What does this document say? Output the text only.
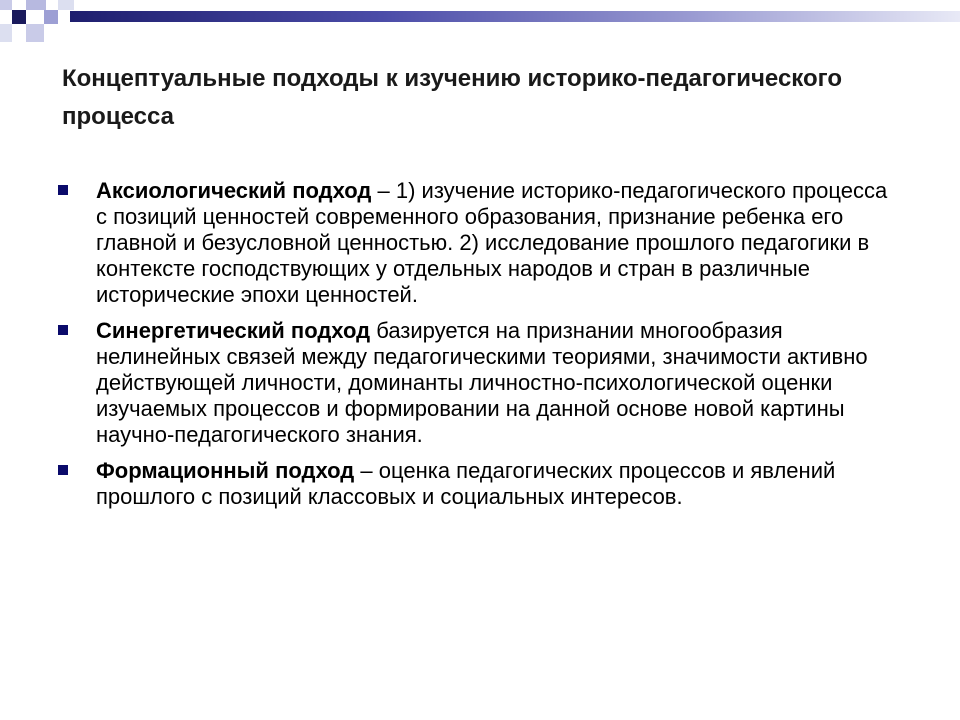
Концептуальные подходы к изучению историко-педагогического процесса
Аксиологический подход – 1) изучение историко-педагогического процесса с позиций ценностей современного образования, признание ребенка его главной и безусловной ценностью. 2) исследование прошлого педагогики в контексте господствующих у отдельных народов и стран в различные исторические эпохи ценностей.
Синергетический подход базируется на признании многообразия нелинейных связей между педагогическими теориями, значимости активно действующей личности, доминанты личностно-психологической оценки изучаемых процессов и формировании на данной основе новой картины научно-педагогического знания.
Формационный подход – оценка педагогических процессов и явлений прошлого с позиций классовых и социальных интересов.
